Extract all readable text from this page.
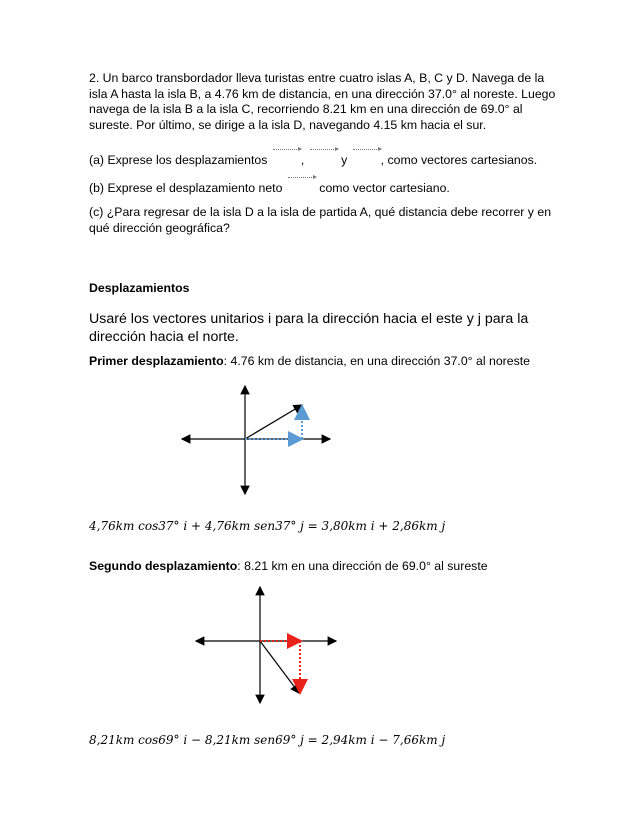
2. Un barco transbordador lleva turistas entre cuatro islas A, B, C y D. Navega de la isla A hasta la isla B, a 4.76 km de distancia, en una dirección 37.0° al noreste. Luego navega de la isla B a la isla C, recorriendo 8.21 km en una dirección de 69.0° al sureste. Por último, se dirige a la isla D, navegando 4.15 km hacia el sur.
(a) Exprese los desplazamientos	,	y	, como vectores cartesianos.
(b) Exprese el desplazamiento neto	como vector cartesiano.
(c) ¿Para regresar de la isla D a la isla de partida A, qué distancia debe recorrer y en qué dirección geográfica?
Desplazamientos
Usaré los vectores unitarios i para la dirección hacia el este y j para la dirección hacia el norte.
Primer desplazamiento: 4.76 km de distancia, en una dirección 37.0° al noreste
4,76km cos37° i + 4,76km sen37° j = 3,80km i + 2,86km j
Segundo desplazamiento: 8.21 km en una dirección de 69.0° al sureste
8,21km cos69° i − 8,21km sen69° j = 2,94km i − 7,66km j
